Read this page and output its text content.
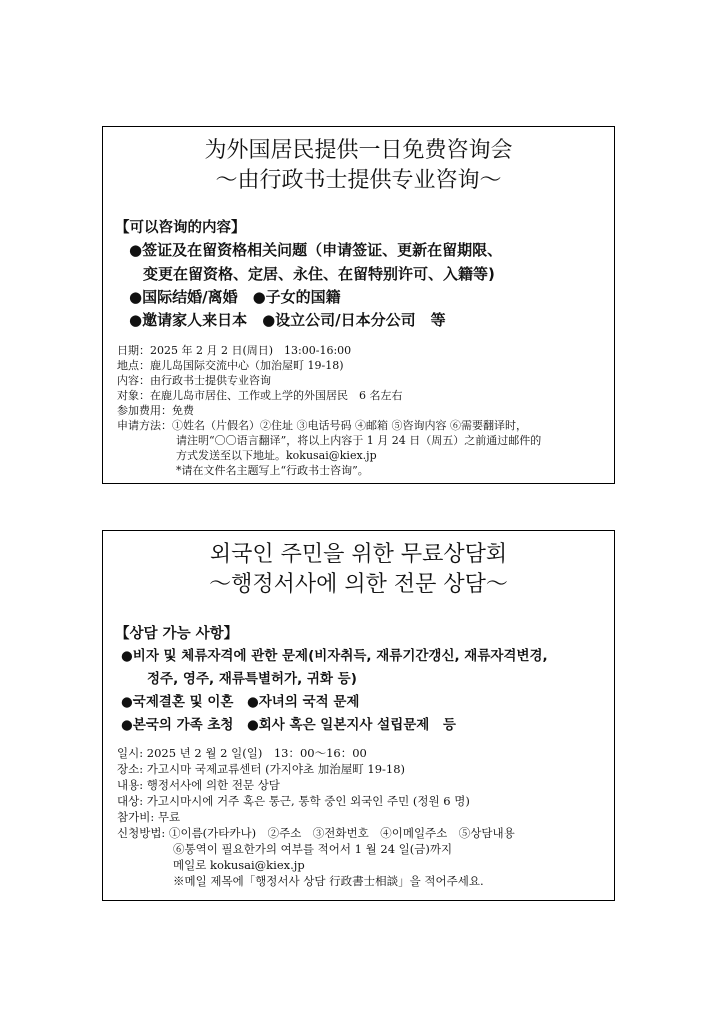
为外国居民提供一日免费咨询会
～由行政书士提供专业咨询～
【可以咨询的内容】
●签证及在留资格相关问题（申请签证、更新在留期限、
变更在留资格、定居、永住、在留特别许可、入籍等)
●国际结婚/离婚　●子女的国籍
●邀请家人来日本　●设立公司/日本分公司　等
日期：2025 年 2 月 2 日(周日)　13:00-16:00
地点：鹿儿岛国际交流中心（加治屋町 19-18)
内容：由行政书士提供专业咨询
对象：在鹿儿岛市居住、工作或上学的外国居民　6 名左右
参加费用：免费
申请方法：①姓名（片假名）②住址 ③电话号码 ④邮箱 ⑤咨询内容 ⑥需要翻译时，
请注明“〇〇语言翻译”，将以上内容于 1 月 24 日（周五）之前通过邮件的
方式发送至以下地址。kokusai@kiex.jp
*请在文件名主题写上“行政书士咨询”。
외국인 주민을 위한 무료상담회
～행정서사에 의한 전문 상담～
【상담 가능 사항】
●비자 및 체류자격에 관한 문제(비자취득, 재류기간갱신, 재류자격변경,
정주, 영주, 재류특별허가, 귀화 등)
●국제결혼 및 이혼　●자녀의 국적 문제
●본국의 가족 초청　●회사 혹은 일본지사 설립문제　등
일시: 2025 년 2 월 2 일(일)　13：00～16：00
장소: 가고시마 국제교류센터 (가지야초 加治屋町 19-18)
내용: 행정서사에 의한 전문 상담
대상: 가고시마시에 거주 혹은 통근, 통학 중인 외국인 주민 (정원 6 명)
참가비: 무료
신청방법: ①이름(가타카나)　②주소　③전화번호　④이메일주소　⑤상담내용
⑥통역이 필요한가의 여부를 적어서 1 월 24 일(금)까지
메일로 kokusai@kiex.jp
※메일 제목에「행정서사 상담 行政書士相談」을 적어주세요.
